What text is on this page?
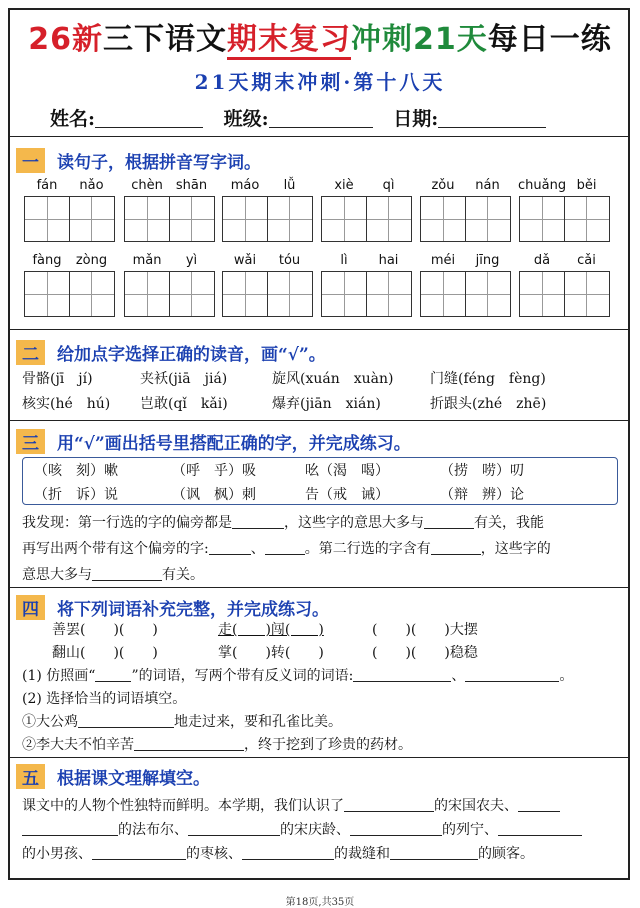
26新三下语文期末复习冲刺21天每日一练
21天期末冲刺·第十八天
姓名:	班级:	日期:
一 读句子，根据拼音写字词。
fán	nǎo	chèn	shān	máo	lǚ	xiè	qì	zǒu	nán	chuǎng běi
fàng	zòng	mǎn	yì	wǎi	tóu	lì	hai	méi	jīng	dǎ	cǎi
二 给加点字选择正确的读音，画“√”。
骨骼(jī　jí)	夹袄(jiā　jiá)	旋风(xuán　xuàn)	门缝(féng　fèng)
核实(hé　hú) 岂敢(qǐ　kǎi)	爆弃(jiān　xián)	折跟头(zhé　zhē)
三 用“√”画出括号里搭配正确的字，并完成练习。
（咳　刻）嗽	（呼　乎）吸	吆（渴　喝）	（捞　唠）叨
（折　诉）说	（讽　枫）刺	告（戒　诫）	（辩　辨）论
我发现：第一行选的字的偏旁都是	，这些字的意思大多与	有关，我能
再写出两个带有这个偏旁的字:	、	。第二行选的字含有	，这些字的
意思大多与	有关。
四 将下列词语补充完整，并完成练习。
善罢(　　)(　　)	走(　　)闯(　　)	(　　)(　　)大摆
翻山(　　)(　　)	掌(　　)转(　　)	(　　)(　　)稳稳
(1) 仿照画“	”的词语，写两个带有反义词的词语:	、	。
(2) 选择恰当的词语填空。
①大公鸡	地走过来，要和孔雀比美。
②李大夫不怕辛苦	，终于挖到了珍贵的药材。
五 根据课文理解填空。
课文中的人物个性独特而鲜明。本学期，我们认识了	的宋国农夫、
的法布尔、	的宋庆龄、	的列宁、
的小男孩、	的枣核、	的裁缝和	的顾客。
第18页,共35页
